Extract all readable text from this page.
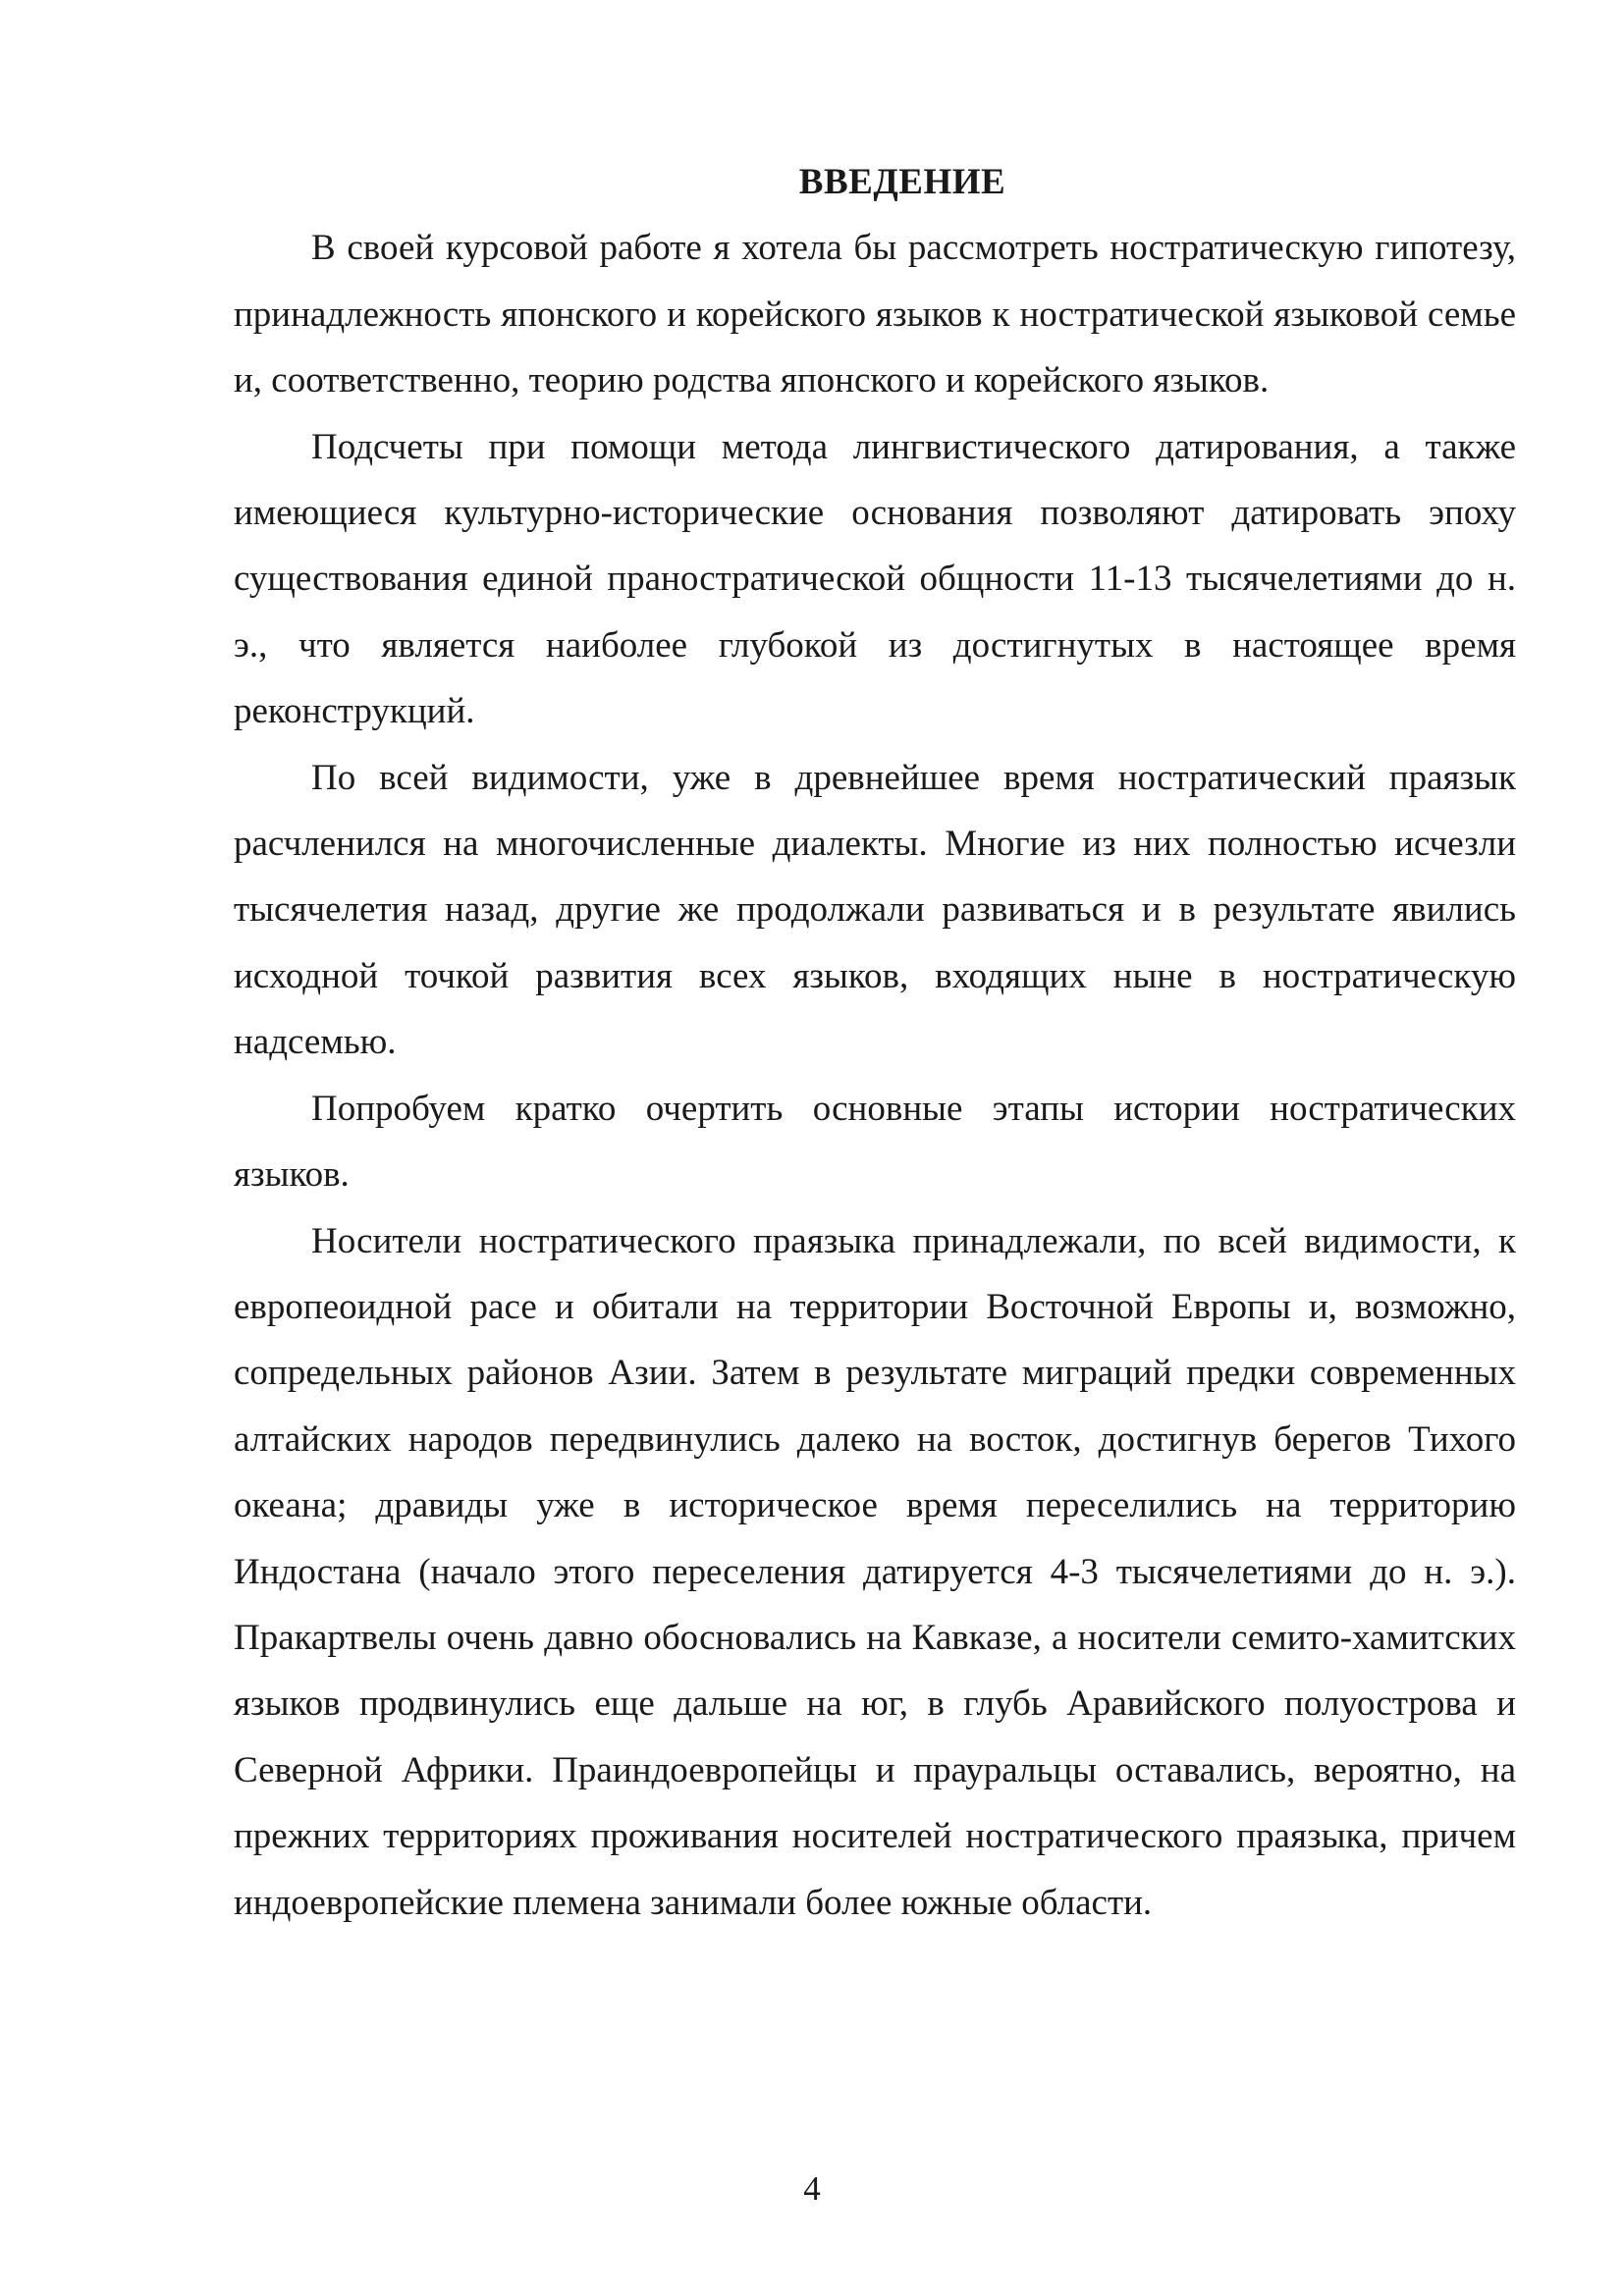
ВВЕДЕНИЕ

В своей курсовой работе я хотела бы рассмотреть ностратическую гипотезу, принадлежность японского и корейского языков к ностратической языковой семье и, соответственно, теорию родства японского и корейского языков.

Подсчеты при помощи метода лингвистического датирования, а также имеющиеся культурно-исторические основания позволяют датировать эпоху существования единой праностратической общности 11-13 тысячелетиями до н. э., что является наиболее глубокой из достигнутых в настоящее время реконструкций.

По всей видимости, уже в древнейшее время ностратический праязык расчленился на многочисленные диалекты. Многие из них полностью исчезли тысячелетия назад, другие же продолжали развиваться и в результате явились исходной точкой развития всех языков, входящих ныне в ностратическую надсемью.

Попробуем кратко очертить основные этапы истории ностратических языков.

Носители ностратического праязыка принадлежали, по всей видимости, к европеоидной расе и обитали на территории Восточной Европы и, возможно, сопредельных районов Азии. Затем в результате миграций предки современных алтайских народов передвинулись далеко на восток, достигнув берегов Тихого океана; дравиды уже в историческое время переселились на территорию Индостана (начало этого переселения датируется 4-3 тысячелетиями до н. э.). Пракартвелы очень давно обосновались на Кавказе, а носители семито-хамитских языков продвинулись еще дальше на юг, в глубь Аравийского полуострова и Северной Африки. Праиндоевропейцы и прауральцы оставались, вероятно, на прежних территориях проживания носителей ностратического праязыка, причем индоевропейские племена занимали более южные области.

4
